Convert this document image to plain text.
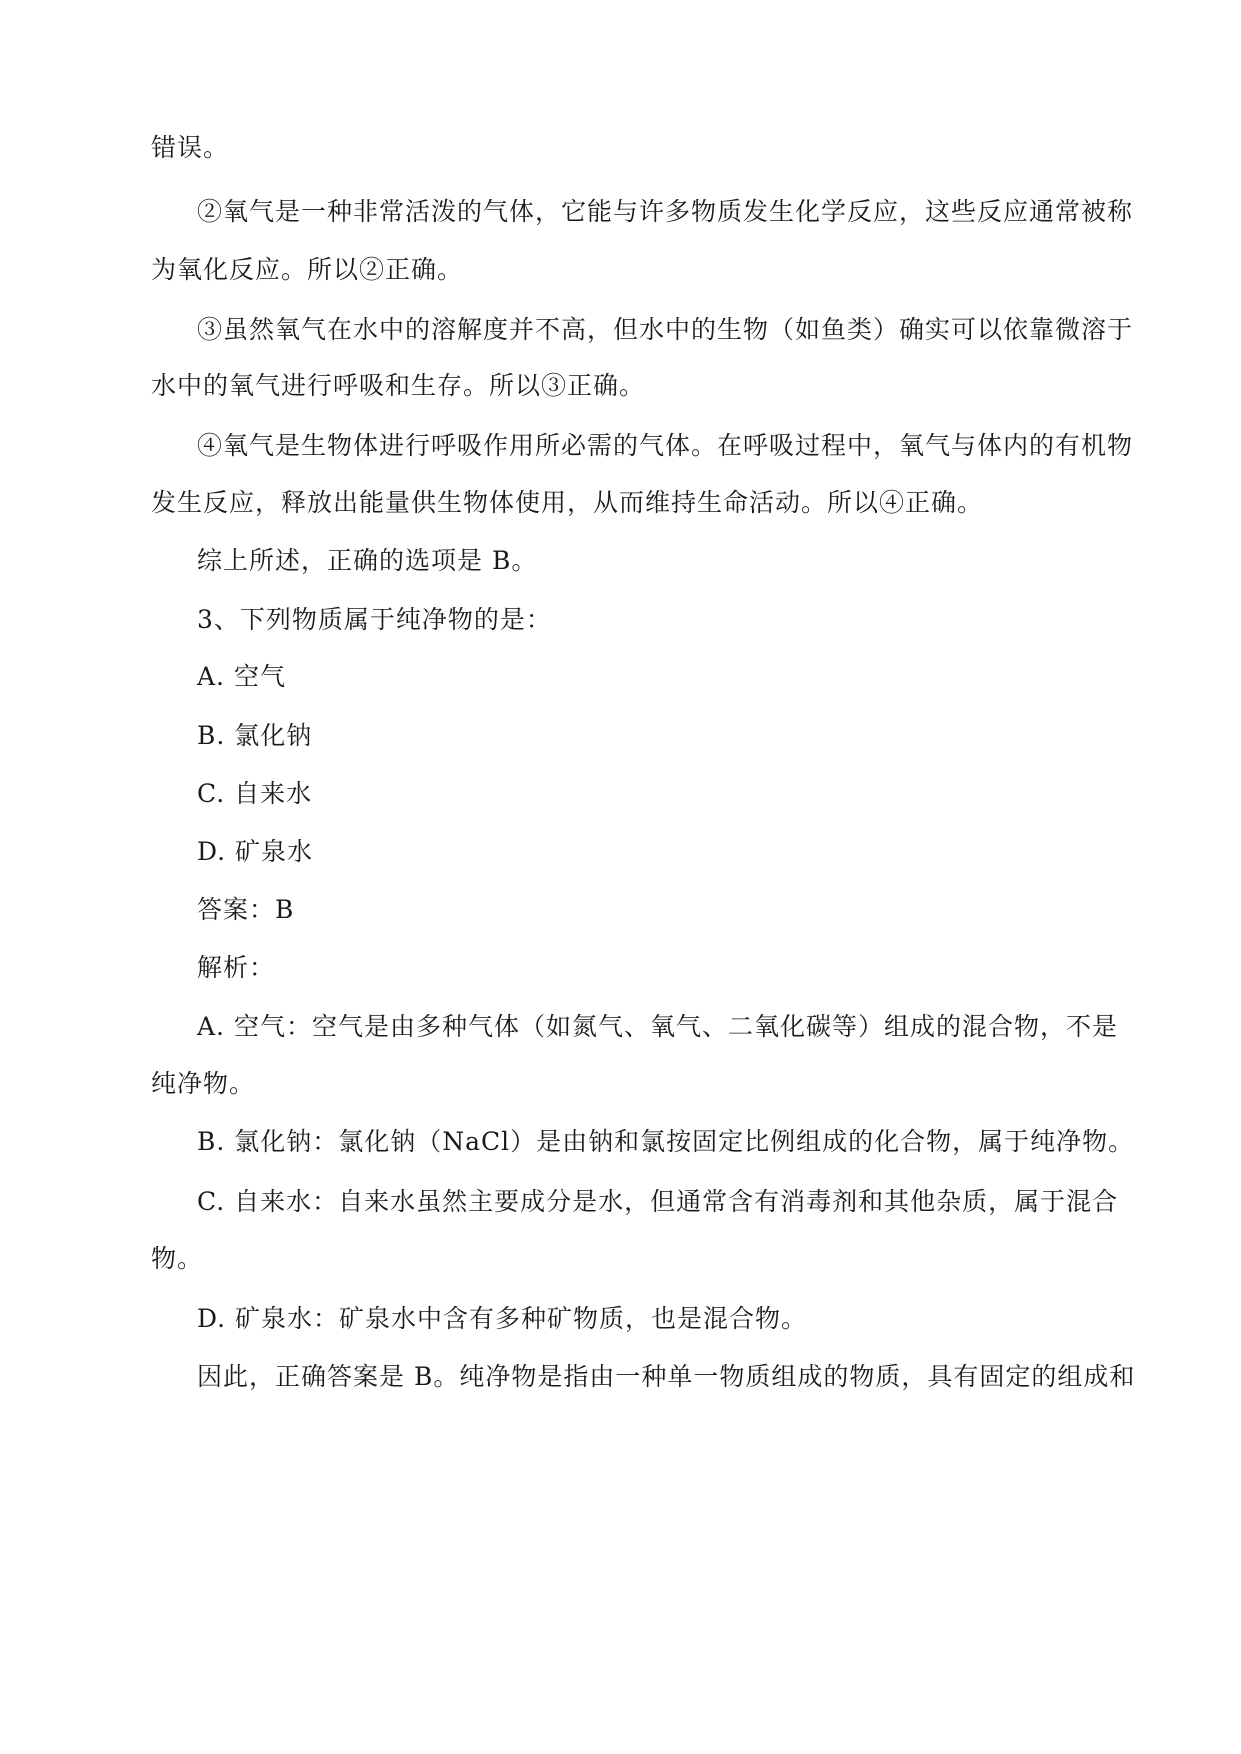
错误。
②氧气是一种非常活泼的气体，它能与许多物质发生化学反应，这些反应通常被称
为氧化反应。所以②正确。
③虽然氧气在水中的溶解度并不高，但水中的生物（如鱼类）确实可以依靠微溶于
水中的氧气进行呼吸和生存。所以③正确。
④氧气是生物体进行呼吸作用所必需的气体。在呼吸过程中，氧气与体内的有机物
发生反应，释放出能量供生物体使用，从而维持生命活动。所以④正确。
综上所述，正确的选项是 B。
3、下列物质属于纯净物的是：
A. 空气
B. 氯化钠
C. 自来水
D. 矿泉水
答案：B
解析：
A. 空气：空气是由多种气体（如氮气、氧气、二氧化碳等）组成的混合物，不是
纯净物。
B. 氯化钠：氯化钠（NaCl）是由钠和氯按固定比例组成的化合物，属于纯净物。
C. 自来水：自来水虽然主要成分是水，但通常含有消毒剂和其他杂质，属于混合
物。
D. 矿泉水：矿泉水中含有多种矿物质，也是混合物。
因此，正确答案是 B。纯净物是指由一种单一物质组成的物质，具有固定的组成和
